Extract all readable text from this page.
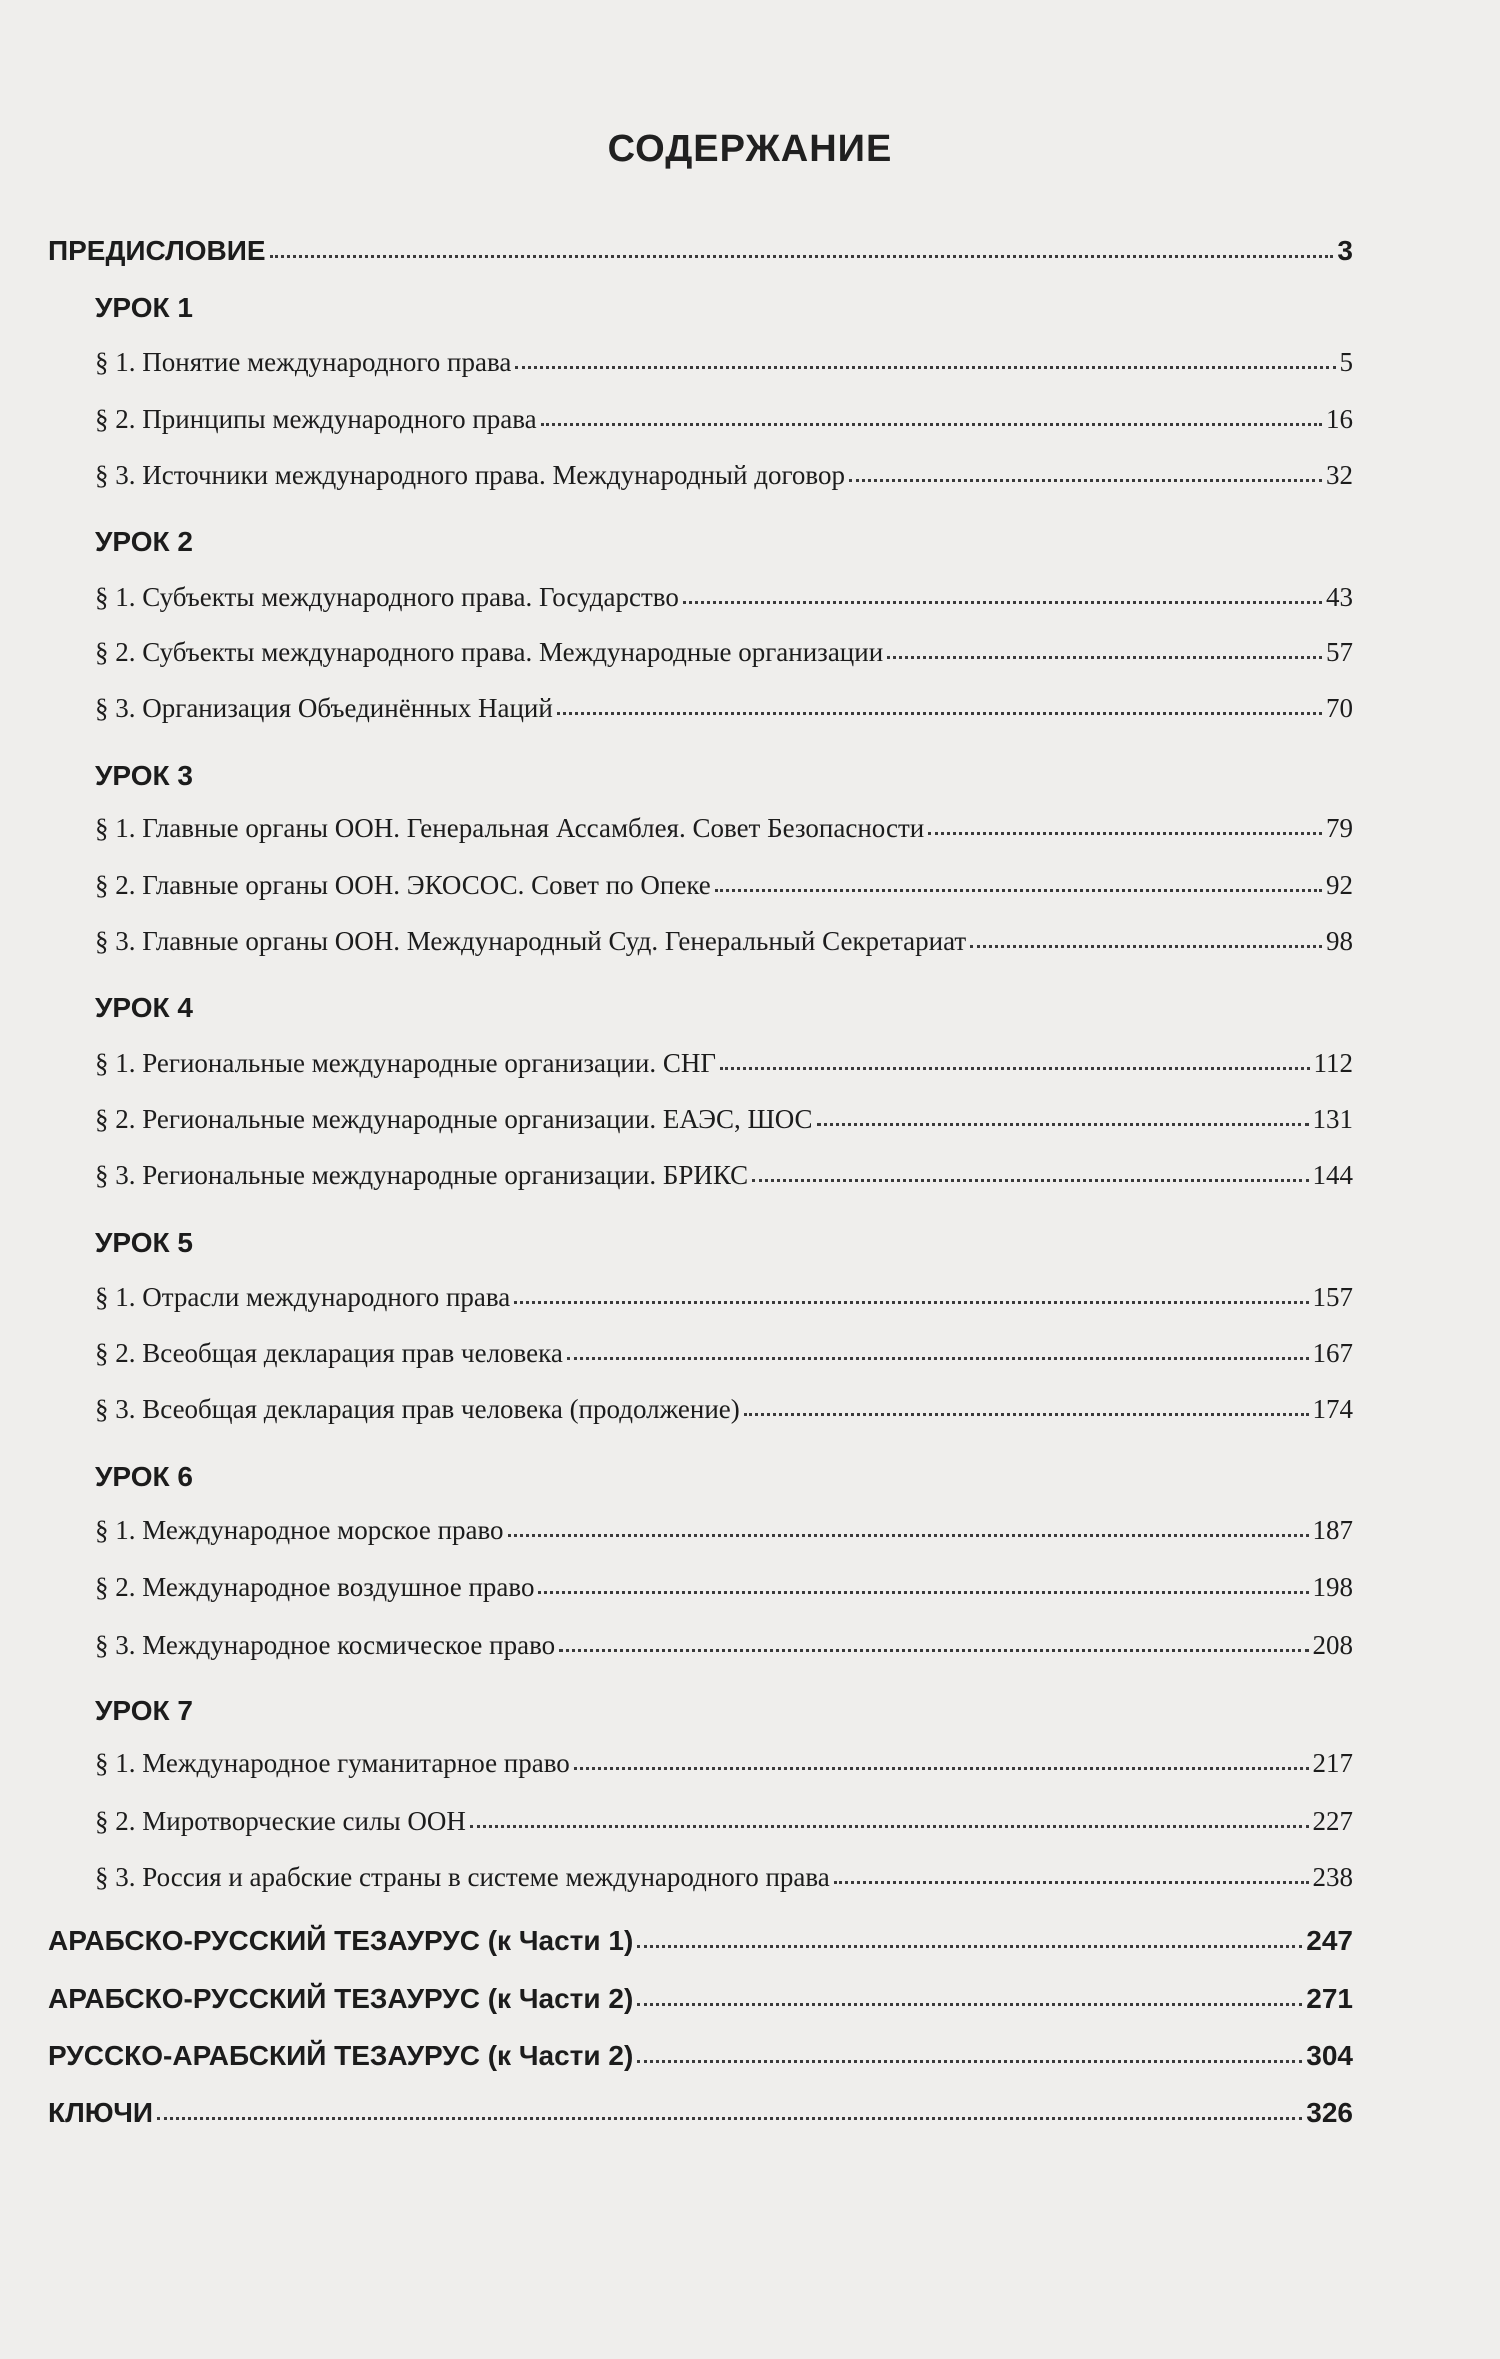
СОДЕРЖАНИЕ
ПРЕДИСЛОВИЕ	3
УРОК 1
§ 1. Понятие международного права	5
§ 2. Принципы международного права	16
§ 3. Источники международного права. Международный договор	32
УРОК 2
§ 1. Субъекты международного права. Государство	43
§ 2. Субъекты международного права. Международные организации	57
§ 3. Организация Объединённых Наций	70
УРОК 3
§ 1. Главные органы ООН. Генеральная Ассамблея. Совет Безопасности	79
§ 2. Главные органы ООН. ЭКОСОС. Совет по Опеке	92
§ 3. Главные органы ООН. Международный Суд. Генеральный Секретариат	98
УРОК 4
§ 1. Региональные международные организации. СНГ	112
§ 2. Региональные международные организации. ЕАЭС, ШОС	131
§ 3. Региональные международные организации. БРИКС	144
УРОК 5
§ 1. Отрасли международного права	157
§ 2. Всеобщая декларация прав человека	167
§ 3. Всеобщая декларация прав человека (продолжение)	174
УРОК 6
§ 1. Международное морское право	187
§ 2. Международное воздушное право	198
§ 3. Международное космическое право	208
УРОК 7
§ 1. Международное гуманитарное право	217
§ 2. Миротворческие силы ООН	227
§ 3. Россия и арабские страны в системе международного права	238
АРАБСКО-РУССКИЙ ТЕЗАУРУС (к Части 1)	247
АРАБСКО-РУССКИЙ ТЕЗАУРУС (к Части 2)	271
РУССКО-АРАБСКИЙ ТЕЗАУРУС (к Части 2)	304
КЛЮЧИ	326
